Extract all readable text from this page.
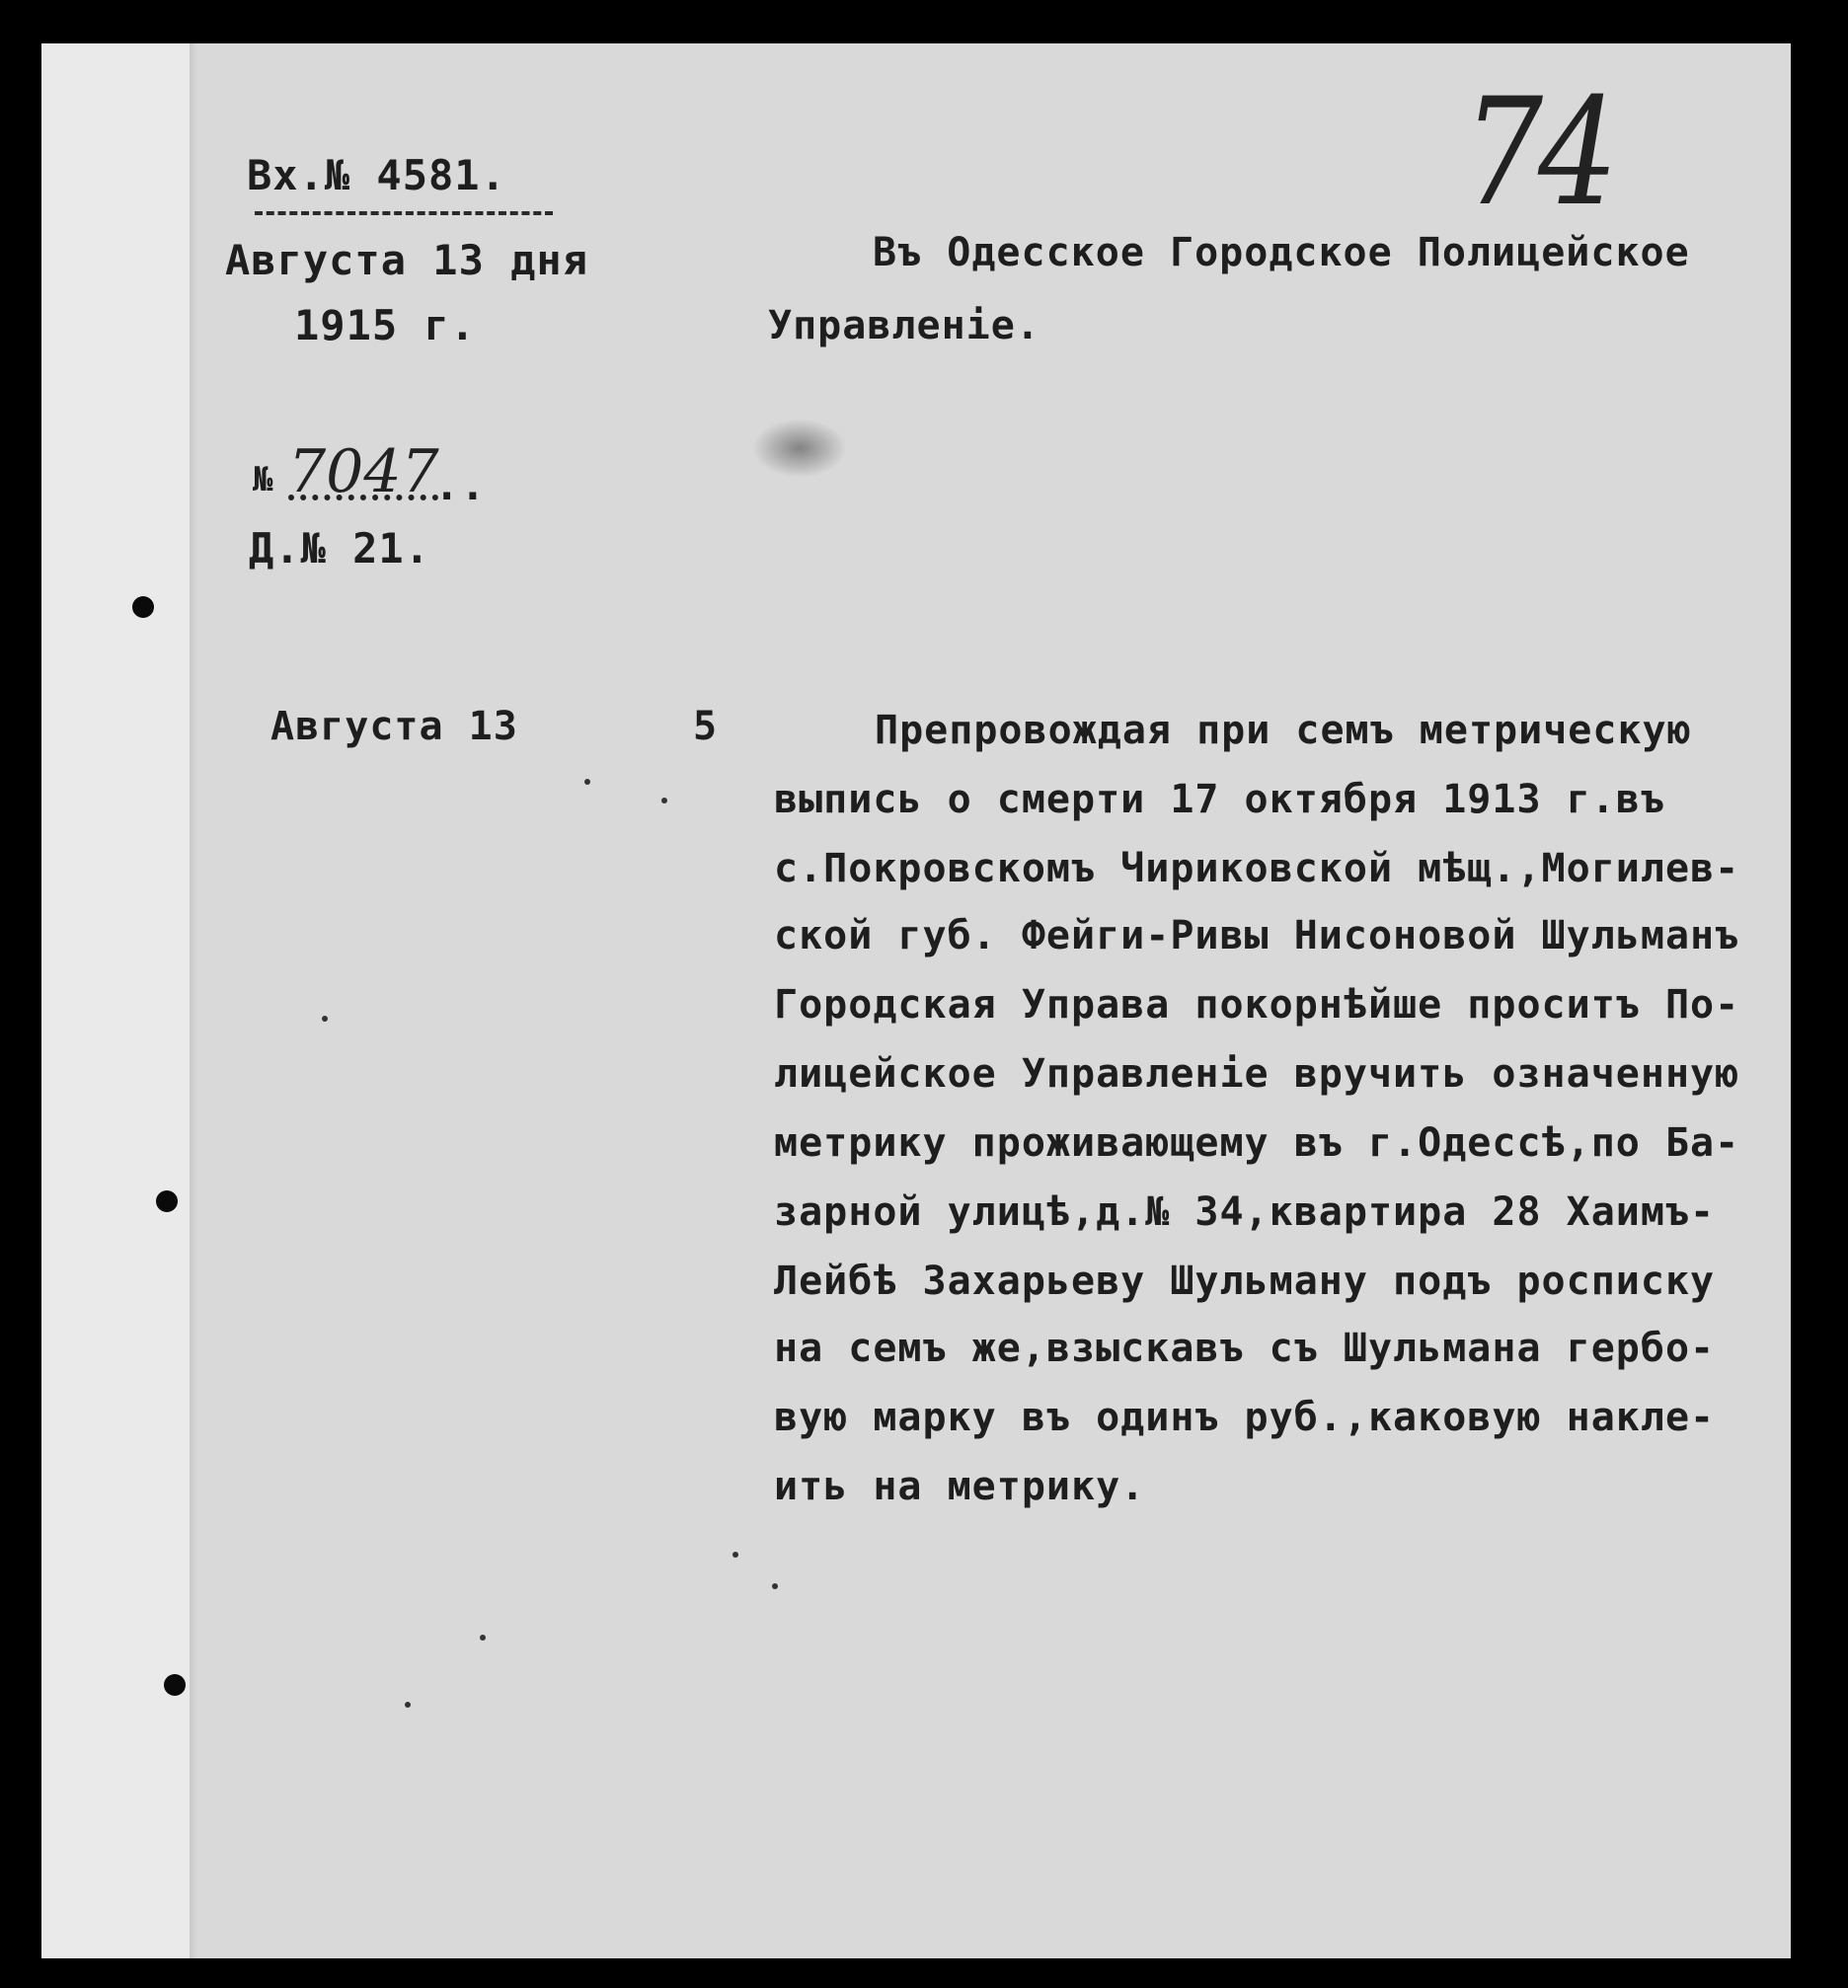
Вх.№ 4581.
Августа 13 дня
1915 г.
№ 7047
..
Д.№ 21.
74
Въ Одесское Городское Полицейское
Управленіе.
Августа 13	5	Препровождая при семъ метрическую
выпись о смерти 17 октября 1913 г.въ
с.Покровскомъ Чириковской мѣщ.,Могилев-
ской губ. Фейги-Ривы Нисоновой Шульманъ
Городская Управа покорнѣйше проситъ По-
лицейское Управленіе вручить означенную
метрику проживающему въ г.Одессѣ,по Ба-
зарной улицѣ,д.№ 34,квартира 28 Хаимъ-
Лейбѣ Захарьеву Шульману подъ росписку
на семъ же,взыскавъ съ Шульмана гербо-
вую марку въ одинъ руб.,каковую накле-
ить на метрику.
